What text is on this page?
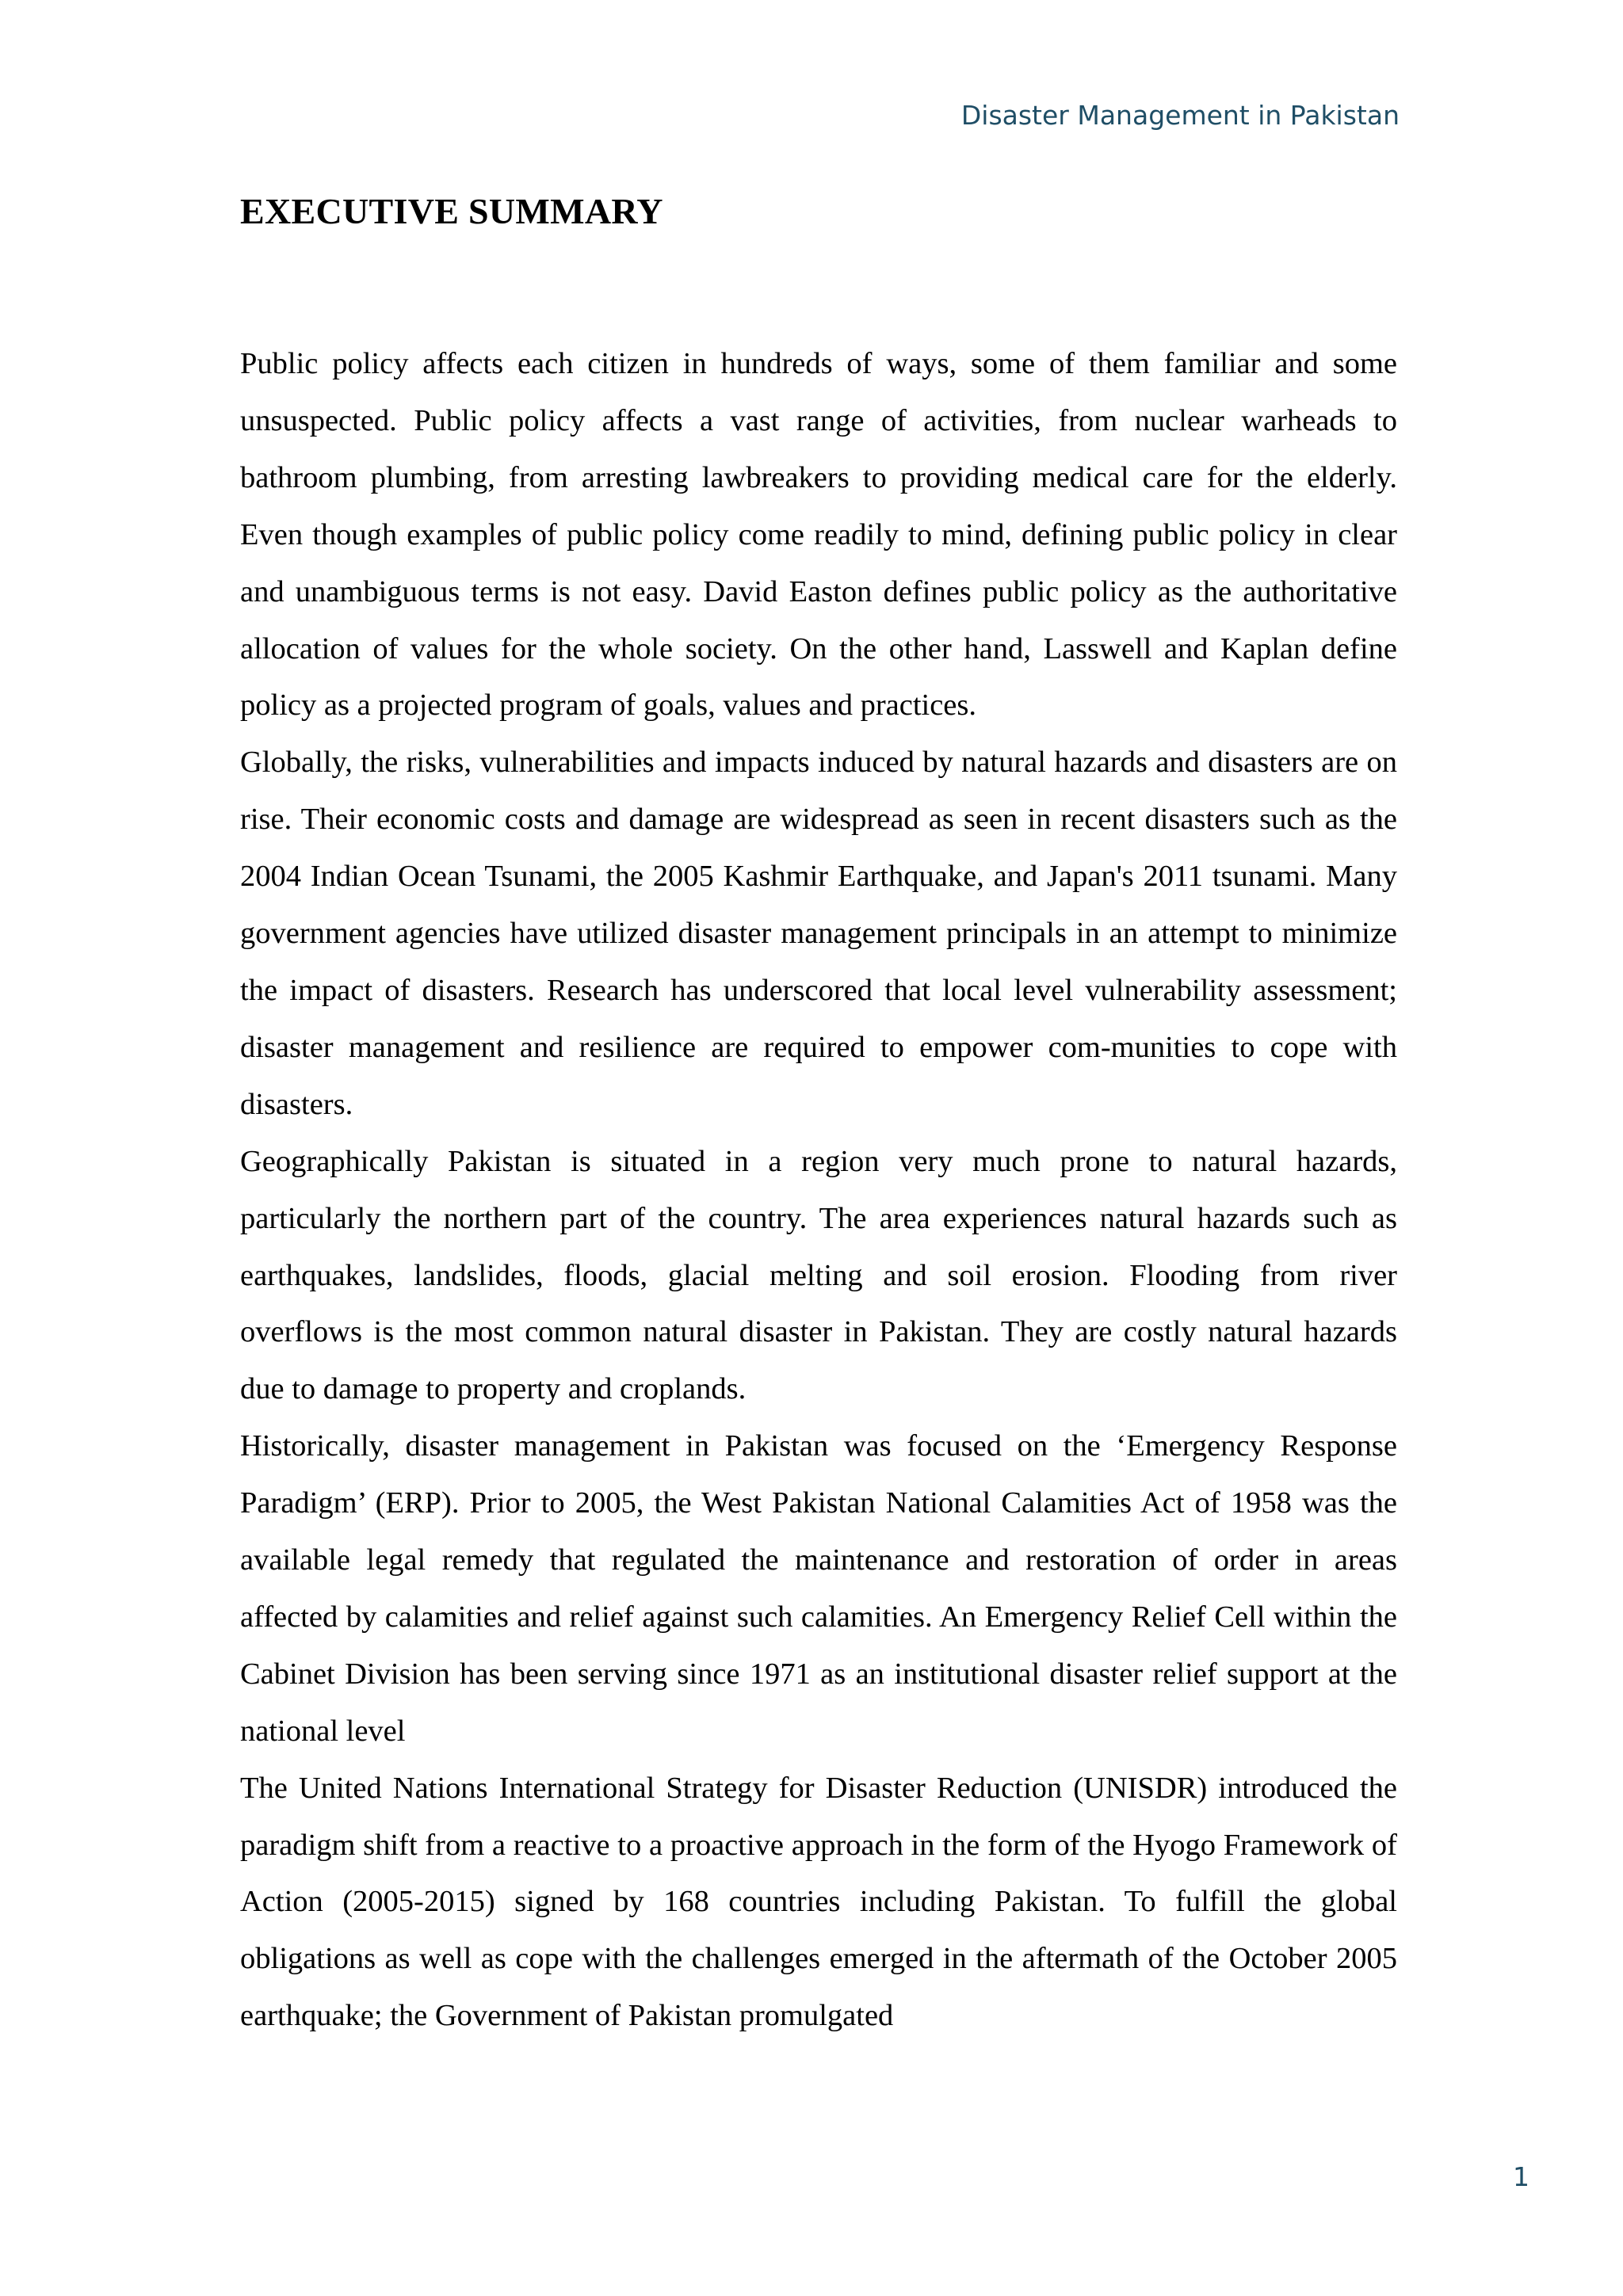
Disaster Management in Pakistan
EXECUTIVE SUMMARY

Public policy affects each citizen in hundreds of ways, some of them familiar and some unsuspected. Public policy affects a vast range of activities, from nuclear warheads to bathroom plumbing, from arresting lawbreakers to providing medical care for the elderly. Even though examples of public policy come readily to mind, defining public policy in clear and unambiguous terms is not easy. David Easton defines public policy as the authoritative allocation of values for the whole society. On the other hand, Lasswell and Kaplan define policy as a projected program of goals, values and practices.

Globally, the risks, vulnerabilities and impacts induced by natural hazards and disasters are on rise. Their economic costs and damage are widespread as seen in recent disasters such as the 2004 Indian Ocean Tsunami, the 2005 Kashmir Earthquake, and Japan's 2011 tsunami. Many government agencies have utilized disaster management principals in an attempt to minimize the impact of disasters. Research has underscored that local level vulnerability assessment; disaster management and resilience are required to empower com-munities to cope with disasters.

Geographically Pakistan is situated in a region very much prone to natural hazards, particularly the northern part of the country. The area experiences natural hazards such as earthquakes, landslides, floods, glacial melting and soil erosion. Flooding from river overflows is the most common natural disaster in Pakistan. They are costly natural hazards due to damage to property and croplands.

Historically, disaster management in Pakistan was focused on the ‘Emergency Response Paradigm’ (ERP). Prior to 2005, the West Pakistan National Calamities Act of 1958 was the available legal remedy that regulated the maintenance and restoration of order in areas affected by calamities and relief against such calamities. An Emergency Relief Cell within the Cabinet Division has been serving since 1971 as an institutional disaster relief support at the national level

The United Nations International Strategy for Disaster Reduction (UNISDR) introduced the paradigm shift from a reactive to a proactive approach in the form of the Hyogo Framework of Action (2005-2015) signed by 168 countries including Pakistan. To fulfill the global obligations as well as cope with the challenges emerged in the aftermath of the October 2005 earthquake; the Government of Pakistan promulgated

1
